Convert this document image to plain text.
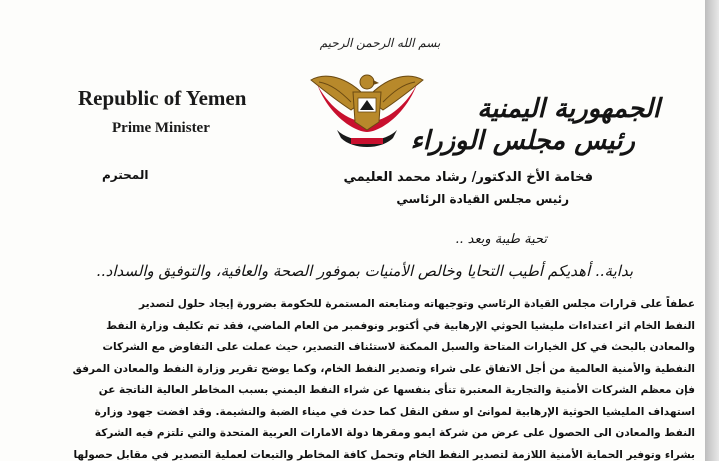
بسم الله الرحمن الرحيم
Republic of Yemen
Prime Minister
الجمهورية اليمنية
رئيس مجلس الوزراء
المحترم	فخامة الأخ الدكتور/ رشاد محمد العليمي
رئيس مجلس القيادة الرئاسي
تحية طيبة وبعد ..
بداية.. أهديكم أطيب التحايا وخالص الأمنيات بموفور الصحة والعافية، والتوفيق والسداد..

عطفاً على قرارات مجلس القيادة الرئاسي وتوجيهاته ومتابعته المستمرة للحكومة بضرورة إيجاد حلول لتصدير

النفط الخام اثر اعتداءات مليشيا الحوثي الإرهابية في أكتوبر ونوفمبر من العام الماضي، فقد تم تكليف وزارة النفط

والمعادن بالبحث في كل الخيارات المتاحة والسبل الممكنة لاستئناف التصدير، حيث عملت على التفاوض مع الشركات

النفطية والأمنية العالمية من أجل الاتفاق على شراء وتصدير النفط الخام، وكما يوضح تقرير وزارة النفط والمعادن المرفق

فإن معظم الشركات الأمنية والتجارية المعتبرة تنأى بنفسها عن شراء النفط اليمني بسبب المخاطر العالية الناتجة عن

استهداف المليشيا الحوثية الإرهابية لموانئ او سفن النقل كما حدث في ميناء الضبة والنشيمة. وقد افضت جهود وزارة

النفط والمعادن الى الحصول على عرض من شركة ايمو ومقرها دولة الامارات العربية المتحدة والتي تلتزم فيه الشركة

بشراء وتوفير الحماية الأمنية اللازمة لتصدير النفط الخام وتحمل كافة المخاطر والتبعات لعملية التصدير في مقابل حصولها
